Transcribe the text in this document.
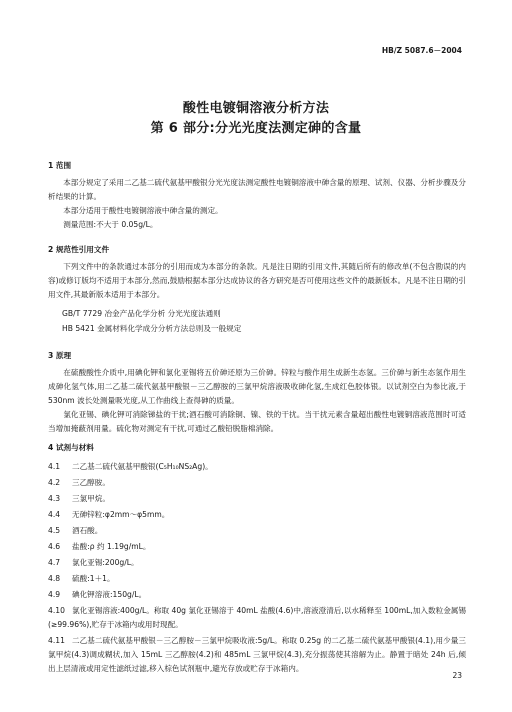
HB/Z 5087.6－2004
酸性电镀铜溶液分析方法
第 6 部分:分光光度法测定砷的含量
1 范围
本部分规定了采用二乙基二硫代氨基甲酸银分光光度法测定酸性电镀铜溶液中砷含量的原理、试剂、仪器、分析步骤及分析结果的计算。
本部分适用于酸性电镀铜溶液中砷含量的测定。
测量范围:不大于 0.05g/L。
2 规范性引用文件
下列文件中的条款通过本部分的引用而成为本部分的条款。凡是注日期的引用文件,其随后所有的修改单(不包含勘误的内容)或修订版均不适用于本部分,然而,鼓励根据本部分达成协议的各方研究是否可使用这些文件的最新版本。凡是不注日期的引用文件,其最新版本适用于本部分。
GB/T 7729 冶金产品化学分析 分光光度法通则
HB 5421 金属材料化学成分分析方法总则及一般规定
3 原理
在硫酸酸性介质中,用碘化钾和氯化亚锡将五价砷还原为三价砷。锌粒与酸作用生成新生态氢。三价砷与新生态氢作用生成砷化氢气体,用二乙基二硫代氨基甲酸银－三乙醇胺的三氯甲烷溶液吸收砷化氢,生成红色胶体银。以试剂空白为参比液,于 530nm 波长处测量吸光度,从工作曲线上查得砷的质量。
氯化亚锡、碘化钾可消除锑盐的干扰;酒石酸可消除铜、镍、铁的干扰。当干扰元素含量超出酸性电镀铜溶液范围时可适当增加掩蔽剂用量。硫化物对测定有干扰,可通过乙酸铅脱脂棉消除。
4 试剂与材料
4.1 二乙基二硫代氨基甲酸银(C₅H₁₀NS₂Ag)。
4.2 三乙醇胺。
4.3 三氯甲烷。
4.4 无砷锌粒:φ2mm～φ5mm。
4.5 酒石酸。
4.6 盐酸:ρ 约 1.19g/mL。
4.7 氯化亚锡:200g/L。
4.8 硫酸:1＋1。
4.9 碘化钾溶液:150g/L。
4.10 氯化亚锡溶液:400g/L。称取 40g 氯化亚锡溶于 40mL 盐酸(4.6)中,溶液澄清后,以水稀释至 100mL,加入数粒金属锡(≥99.96%),贮存于冰箱内或用时现配。
4.11 二乙基二硫代氨基甲酸银－三乙醇胺－三氯甲烷吸收液:5g/L。称取 0.25g 的二乙基二硫代氨基甲酸银(4.1),用少量三氯甲烷(4.3)调成糊状,加入 15mL 三乙醇胺(4.2)和 485mL 三氯甲烷(4.3),充分振荡使其溶解为止。静置于暗处 24h 后,倾出上层清液或用定性滤纸过滤,移入棕色试剂瓶中,避光存放或贮存于冰箱内。
23
